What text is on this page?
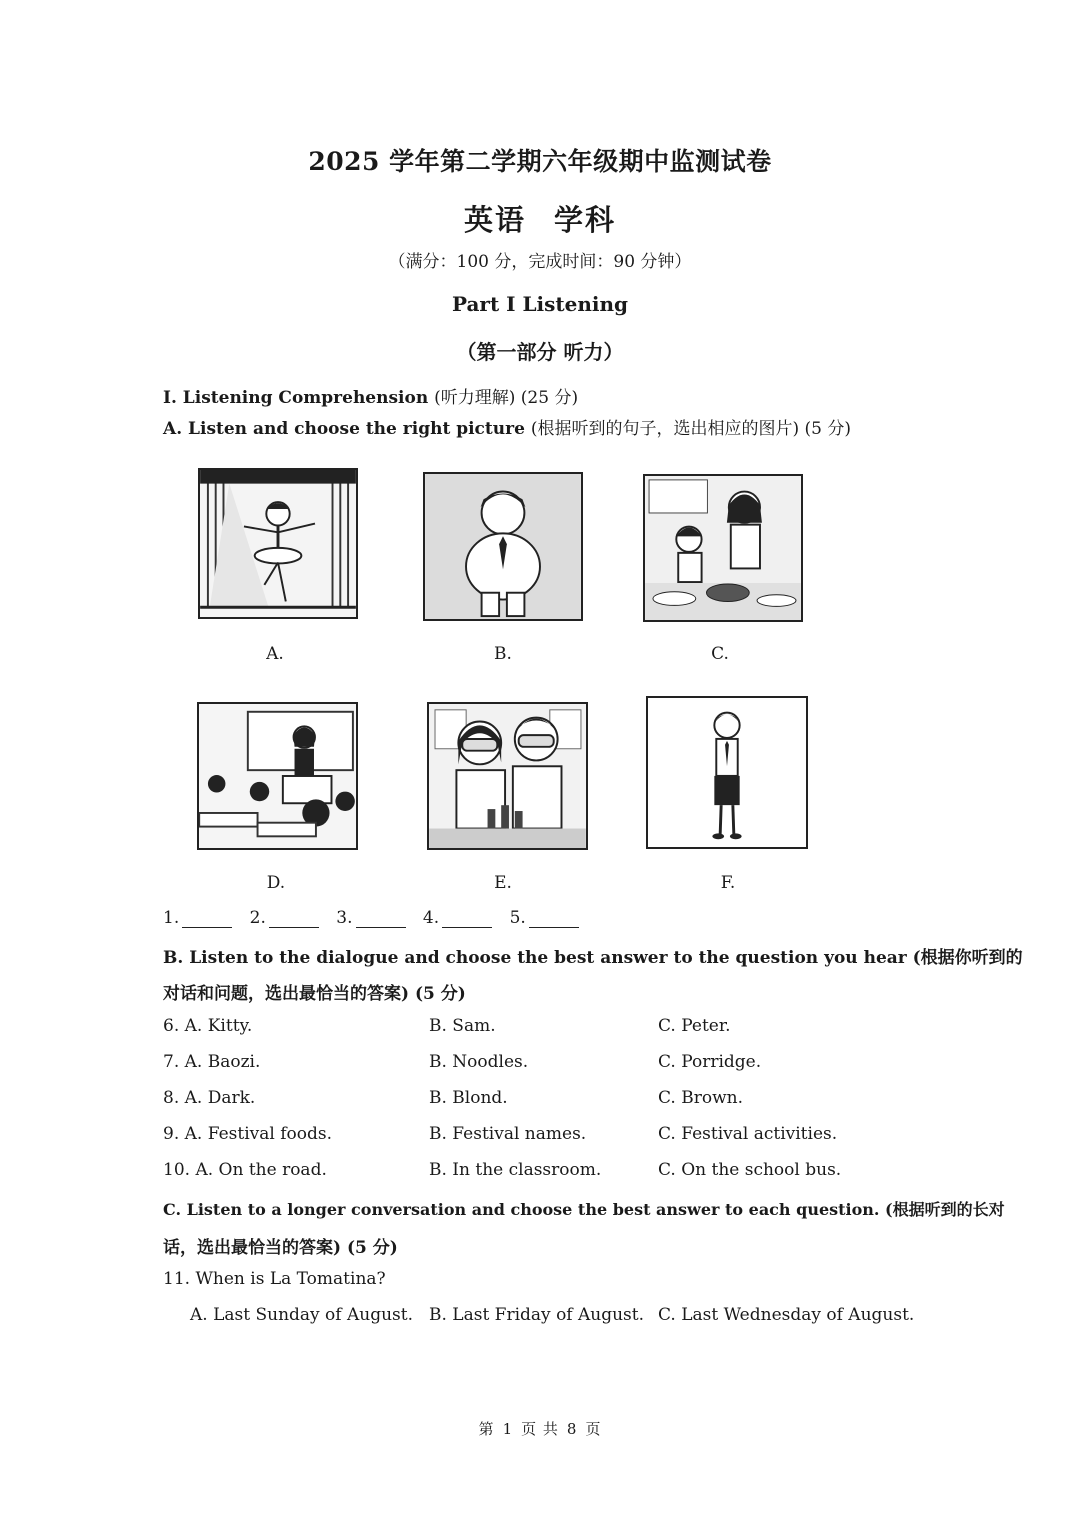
2025 学年第二学期六年级期中监测试卷
英语 学科
（满分：100 分，完成时间：90 分钟）
Part I Listening
（第一部分 听力）
I. Listening Comprehension (听力理解) (25 分)
A. Listen and choose the right picture (根据听到的句子，选出相应的图片) (5 分)
A.	B.	C.
D.	E.	F.
1.	2.	3.	4.	5.
B. Listen to the dialogue and choose the best answer to the question you hear (根据你听到的
对话和问题，选出最恰当的答案) (5 分)
6. A. Kitty.	B. Sam.	C. Peter.
7. A. Baozi.	B. Noodles.	C. Porridge.
8. A. Dark.	B. Blond.	C. Brown.
9. A. Festival foods.	B. Festival names.	C. Festival activities.
10. A. On the road.	B. In the classroom.	C. On the school bus.
C. Listen to a longer conversation and choose the best answer to each question. (根据听到的长对
话，选出最恰当的答案) (5 分)
11. When is La Tomatina?
A. Last Sunday of August. B. Last Friday of August. C. Last Wednesday of August.
第 1 页 共 8 页
